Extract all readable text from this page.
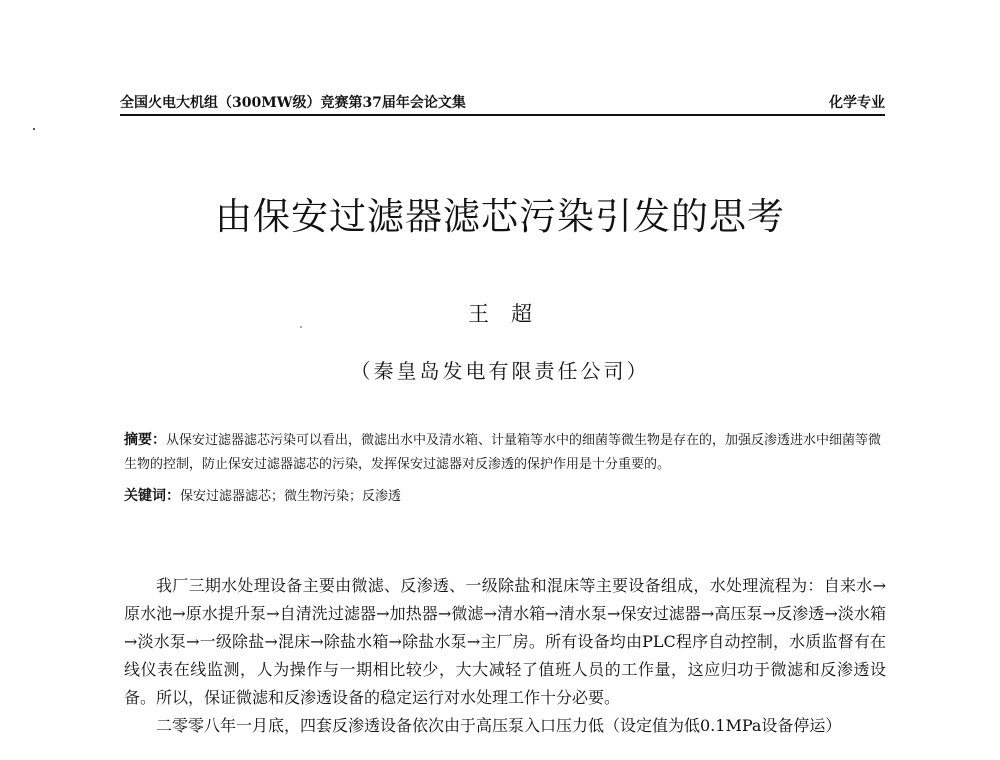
全国火电大机组（300MW级）竞赛第37届年会论文集	化学专业
由保安过滤器滤芯污染引发的思考
王超
（秦皇岛发电有限责任公司）
摘要：从保安过滤器滤芯污染可以看出，微滤出水中及清水箱、计量箱等水中的细菌等微生物是存在的，加强反渗透进水中细菌等微生物的控制，防止保安过滤器滤芯的污染，发挥保安过滤器对反渗透的保护作用是十分重要的。
关键词：保安过滤器滤芯；微生物污染；反渗透

我厂三期水处理设备主要由微滤、反渗透、一级除盐和混床等主要设备组成，水处理流程为：自来水→原水池→原水提升泵→自清洗过滤器→加热器→微滤→清水箱→清水泵→保安过滤器→高压泵→反渗透→淡水箱→淡水泵→一级除盐→混床→除盐水箱→除盐水泵→主厂房。所有设备均由PLC程序自动控制，水质监督有在线仪表在线监测，人为操作与一期相比较少，大大减轻了值班人员的工作量，这应归功于微滤和反渗透设备。所以，保证微滤和反渗透设备的稳定运行对水处理工作十分必要。

二零零八年一月底，四套反渗透设备依次由于高压泵入口压力低（设定值为低0.1MPa设备停运）
